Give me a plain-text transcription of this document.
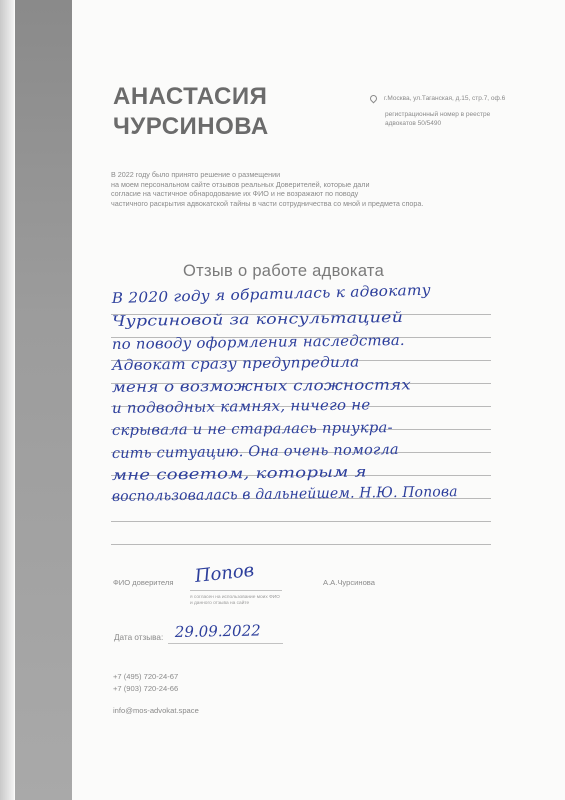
АНАСТАСИЯ
ЧУРСИНОВА
г.Москва, ул.Таганская, д.15, стр.7, оф.6
регистрационный номер в реестре
адвокатов 50/5490
В 2022 году было принято решение о размещении
на моем персональном сайте отзывов реальных Доверителей, которые дали
согласие на частичное обнародование их ФИО и не возражают по поводу
частичного раскрытия адвокатской тайны в части сотрудничества со мной и предмета спора.
Отзыв о работе адвоката
В 2020 году я обратилась к адвокату
Чурсиновой за консультацией
по поводу оформления наследства.
Адвокат сразу предупредила
меня о возможных сложностях
и подводных камнях, ничего не
скрывала и не старалась приукра-
сить ситуацию. Она очень помогла
мне советом, которым я
воспользовалась в дальнейшем. Н.Ю. Попова
ФИО доверителя Попов
я согласен на использование моих ФИО
и данного отзыва на сайте
А.А.Чурсинова
Дата отзыва: 29.09.2022
+7 (495) 720-24-67
+7 (903) 720-24-66
info@mos-advokat.space
